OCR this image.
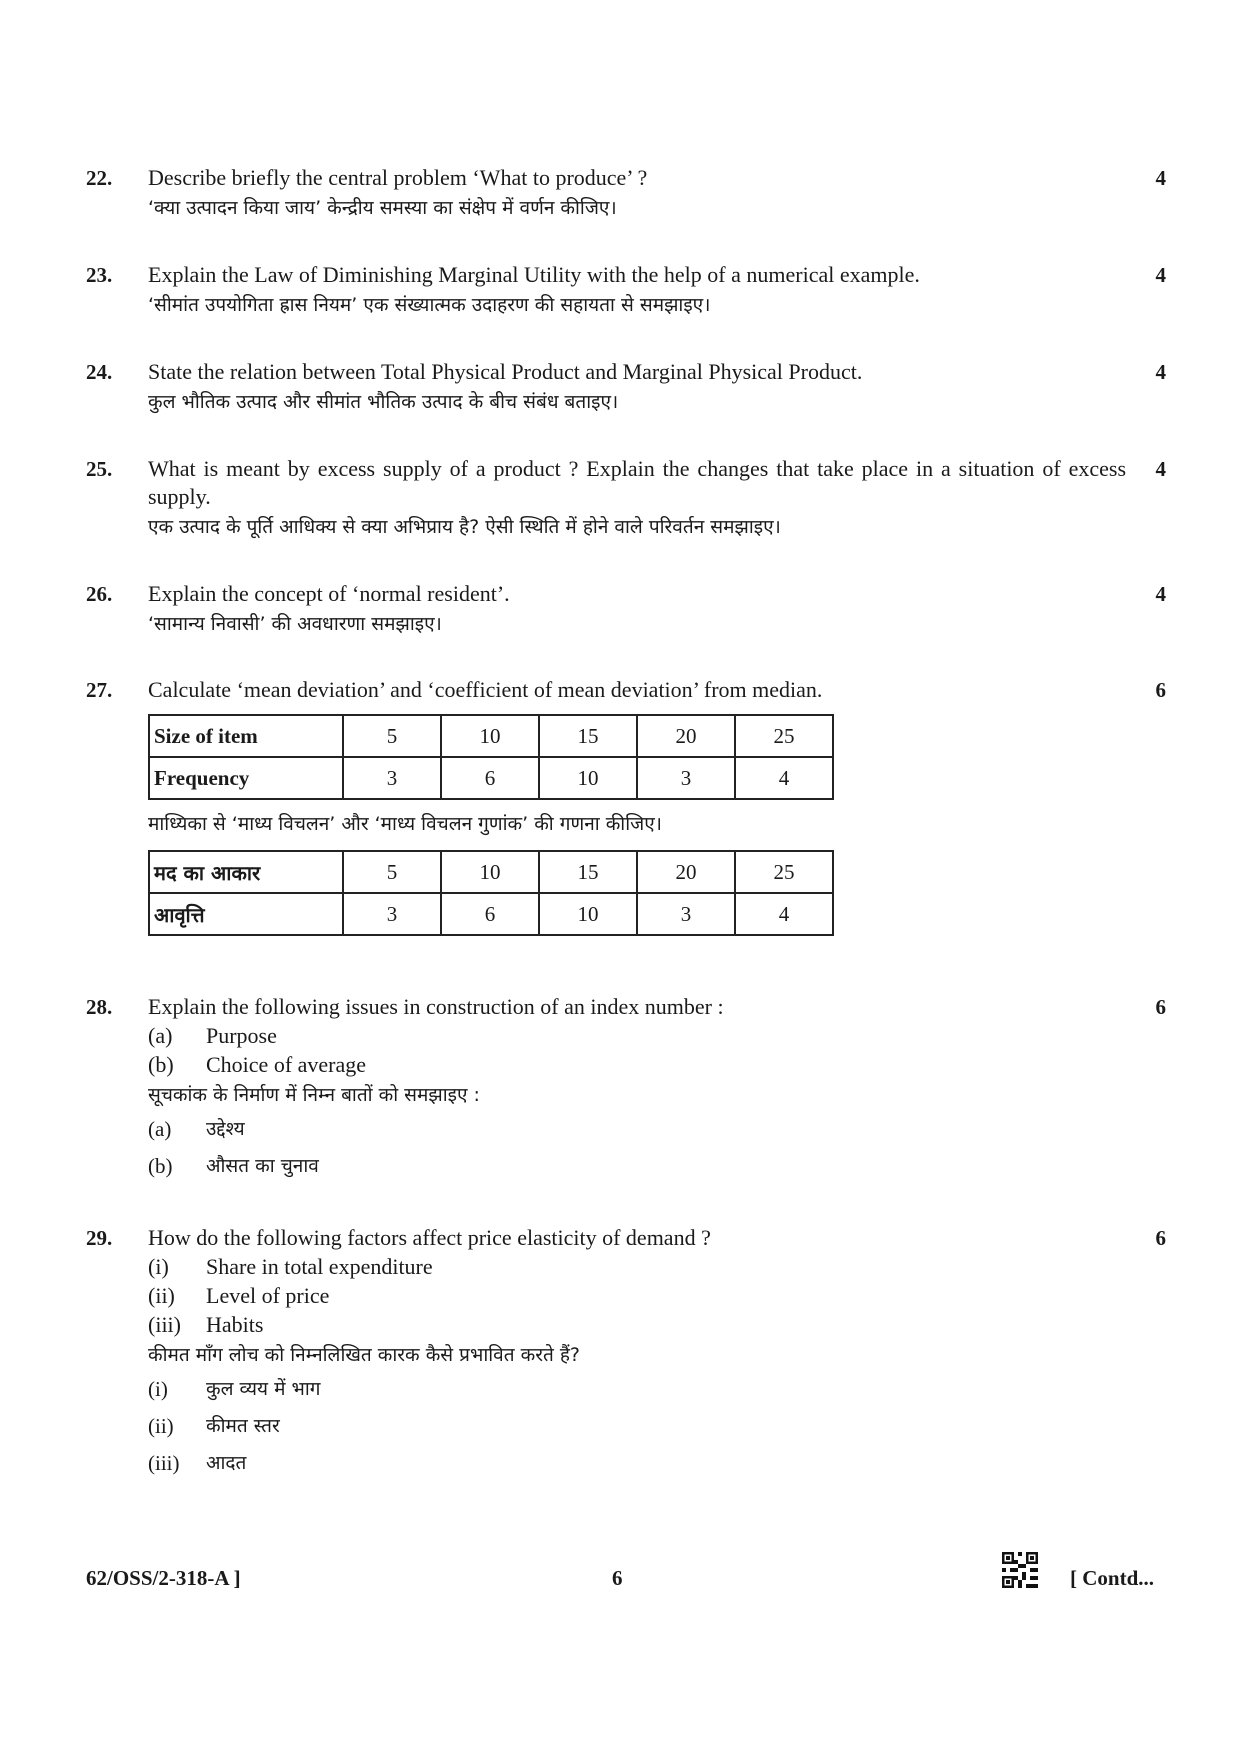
22.	4
Describe briefly the central problem ‘What to produce’ ?
‘क्या उत्पादन किया जाय’ केन्द्रीय समस्या का संक्षेप में वर्णन कीजिए।
23.	4
Explain the Law of Diminishing Marginal Utility with the help of a numerical example.
‘सीमांत उपयोगिता ह्रास नियम’ एक संख्यात्मक उदाहरण की सहायता से समझाइए।
24.	4
State the relation between Total Physical Product and Marginal Physical Product.
कुल भौतिक उत्पाद और सीमांत भौतिक उत्पाद के बीच संबंध बताइए।
25.	4
What is meant by excess supply of a product ? Explain the changes that take place in a situation of excess supply.
एक उत्पाद के पूर्ति आधिक्य से क्या अभिप्राय है? ऐसी स्थिति में होने वाले परिवर्तन समझाइए।
26.	4
Explain the concept of ‘normal resident’.
‘सामान्य निवासी’ की अवधारणा समझाइए।
27.	6
Calculate ‘mean deviation’ and ‘coefficient of mean deviation’ from median.
Size of item	5	10	15	20	25
Frequency	3	6	10	3	4
माध्यिका से ‘माध्य विचलन’ और ‘माध्य विचलन गुणांक’ की गणना कीजिए।
मद का आकार	5	10	15	20	25
आवृत्ति	3	6	10	3	4
28.	6
Explain the following issues in construction of an index number :
(a)	Purpose
(b)	Choice of average
सूचकांक के निर्माण में निम्न बातों को समझाइए :
(a)	उद्देश्य
(b)	औसत का चुनाव
29.	6
How do the following factors affect price elasticity of demand ?
(i)	Share in total expenditure
(ii)	Level of price
(iii)	Habits
कीमत माँग लोच को निम्नलिखित कारक कैसे प्रभावित करते हैं?
(i)	कुल व्यय में भाग
(ii)	कीमत स्तर
(iii)	आदत
62/OSS/2-318-A ]	6	[ Contd...
